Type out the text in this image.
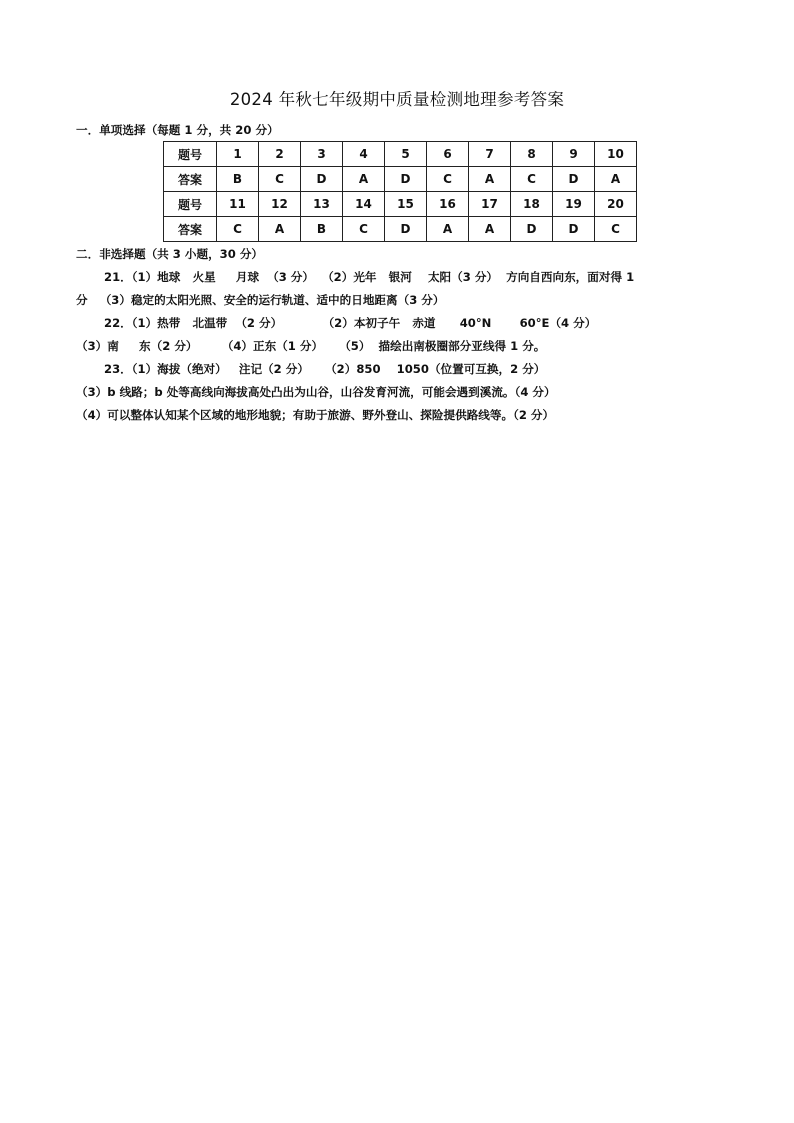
2024 年秋七年级期中质量检测地理参考答案
一．单项选择（每题 1 分，共 20 分）
题号	1	2	3	4	5	6	7	8	9	10
答案	B	C	D	A	D	C	A	C	D	A
题号	11	12	13	14	15	16	17	18	19	20
答案	C	A	B	C	D	A	A	D	D	C
二．非选择题（共 3 小题，30 分）
21．（1）地球   火星     月球  （3 分）  （2）光年   银河    太阳（3 分）  方向自西向东，面对得 1
分   （3）稳定的太阳光照、安全的运行轨道、适中的日地距离（3 分）
22．（1）热带   北温带  （2 分）          （2）本初子午   赤道      40°N       60°E（4 分）
（3）南     东（2 分）      （4）正东（1 分）    （5）  描绘出南极圈部分亚线得 1 分。
23．（1）海拔（绝对）   注记（2 分）    （2）850    1050（位置可互换，2 分）
（3）b 线路；b 处等高线向海拔高处凸出为山谷，山谷发育河流，可能会遇到溪流。（4 分）
（4）可以整体认知某个区域的地形地貌；有助于旅游、野外登山、探险提供路线等。（2 分）
